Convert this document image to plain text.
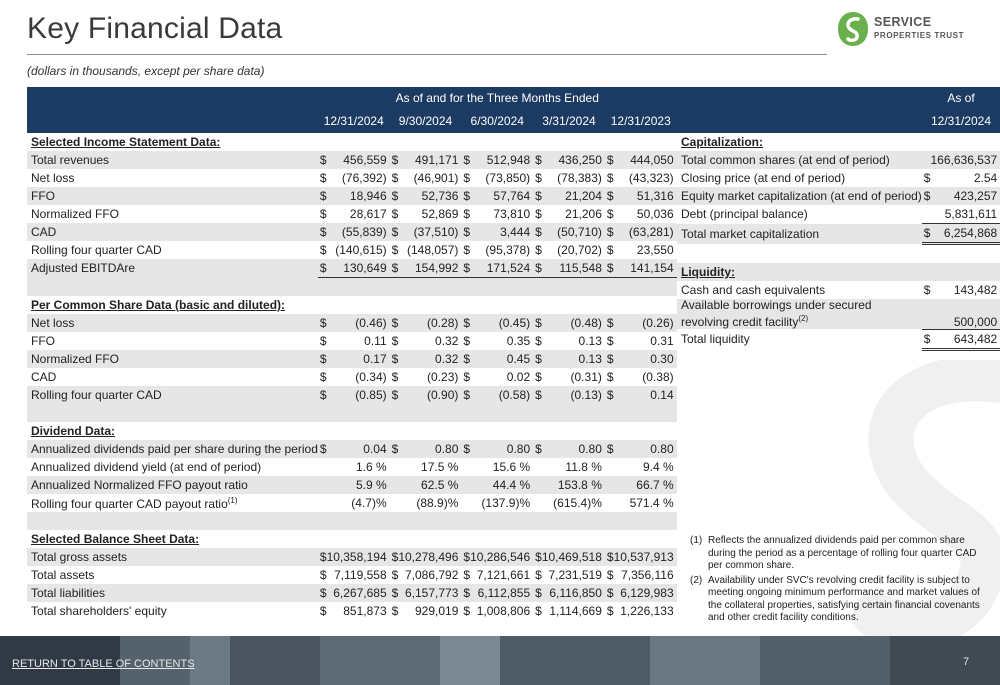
Key Financial Data
(dollars in thousands, except per share data)
SERVICE
PROPERTIES TRUST
	As of and for the Three Months Ended									
	12/31/2024		9/30/2024		6/30/2024		3/31/2024		12/31/2023	
Selected Income Statement Data:										
Total revenues	$	456,559	$	491,171	$	512,948	$	436,250	$	444,050
Net loss	$	(76,392)	$	(46,901)	$	(73,850)	$	(78,383)	$	(43,323)
FFO	$	18,946	$	52,736	$	57,764	$	21,204	$	51,316
Normalized FFO	$	28,617	$	52,869	$	73,810	$	21,206	$	50,036
CAD	$	(55,839)	$	(37,510)	$	3,444	$	(50,710)	$	(63,281)
Rolling four quarter CAD	$	(140,615)	$	(148,057)	$	(95,378)	$	(20,702)	$	23,550
Adjusted EBITDAre	$	130,649	$	154,992	$	171,524	$	115,548	$	141,154

Per Common Share Data (basic and diluted):										
Net loss	$	(0.46)	$	(0.28)	$	(0.45)	$	(0.48)	$	(0.26)
FFO	$	0.11	$	0.32	$	0.35	$	0.13	$	0.31
Normalized FFO	$	0.17	$	0.32	$	0.45	$	0.13	$	0.30
CAD	$	(0.34)	$	(0.23)	$	0.02	$	(0.31)	$	(0.38)
Rolling four quarter CAD	$	(0.85)	$	(0.90)	$	(0.58)	$	(0.13)	$	0.14

Dividend Data:										
Annualized dividends paid per share during the period	$	0.04	$	0.80	$	0.80	$	0.80	$	0.80
Annualized dividend yield (at end of period)		1.6 %		17.5 %		15.6 %		11.8 %		9.4 %
Annualized Normalized FFO payout ratio		5.9 %		62.5 %		44.4 %		153.8 %		66.7 %
Rolling four quarter CAD payout ratio$^{(1)}$		(4.7)%		(88.9)%		(137.9)%		(615.4)%		571.4 %

Selected Balance Sheet Data:										
Total gross assets	$	10,358,194	$	10,278,496	$	10,286,546	$	10,469,518	$	10,537,913
Total assets	$	7,119,558	$	7,086,792	$	7,121,661	$	7,231,519	$	7,356,116
Total liabilities	$	6,267,685	$	6,157,773	$	6,112,855	$	6,116,850	$	6,129,983
Total shareholders' equity	$	851,873	$	929,019	$	1,008,806	$	1,114,669	$	1,226,133
	As of	
	12/31/2024	
Capitalization:		
Total common shares (at end of period)		166,636,537
Closing price (at end of period)	$	2.54
Equity market capitalization (at end of period)	$	423,257
Debt (principal balance)		5,831,611
Total market capitalization	$	6,254,868

Liquidity:		
Cash and cash equivalents	$	143,482
Available borrowings under secured revolving credit facility$^{(2)}$		500,000
Total liquidity	$	643,482
(1) Reflects the annualized dividends paid per common share during the period as a percentage of rolling four quarter CAD per common share.
(2) Availability under SVC's revolving credit facility is subject to meeting ongoing minimum performance and market values of the collateral properties, satisfying certain financial covenants and other credit facility conditions.
RETURN TO TABLE OF CONTENTS	7
